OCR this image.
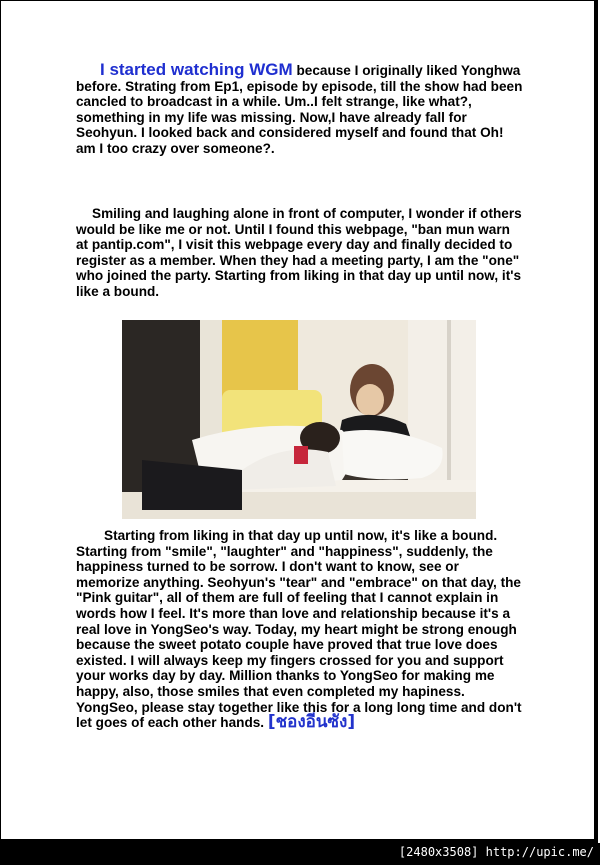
I started watching WGM because I originally liked Yonghwa before. Strating from Ep1, episode by episode, till the show had been cancled to broadcast in a while. Um..I felt strange, like what?, something in my life was missing. Now,I have already fall for Seohyun. I looked back and considered myself and found that Oh! am I too crazy over someone?.

Smiling and laughing alone in front of computer, I wonder if others would be like me or not. Until I found this webpage, "ban mun warn at pantip.com", I visit this webpage every day and finally decided to register as a member. When they had a meeting party, I am the "one" who joined the party. Starting from liking in that day up until now, it's like a bound.

Starting from liking in that day up until now, it's like a bound. Starting from "smile", "laughter" and "happiness", suddenly, the happiness turned to be sorrow. I don't want to know, see or memorize anything. Seohyun's "tear" and "embrace" on that day, the "Pink guitar", all of them are full of feeling that I cannot explain in words how I feel. It's more than love and relationship because it's a real love in YongSeo's way. Today, my heart might be strong enough because the sweet potato couple have proved that true love does existed. I will always keep my fingers crossed for you and support your works day by day. Million thanks to YongSeo for making me happy, also, those smiles that even completed my hapiness. YongSeo, please stay together like this for a long long time and don't let goes of each other hands. [ชองอีนซัง]

[2480x3508] http://upic.me/
